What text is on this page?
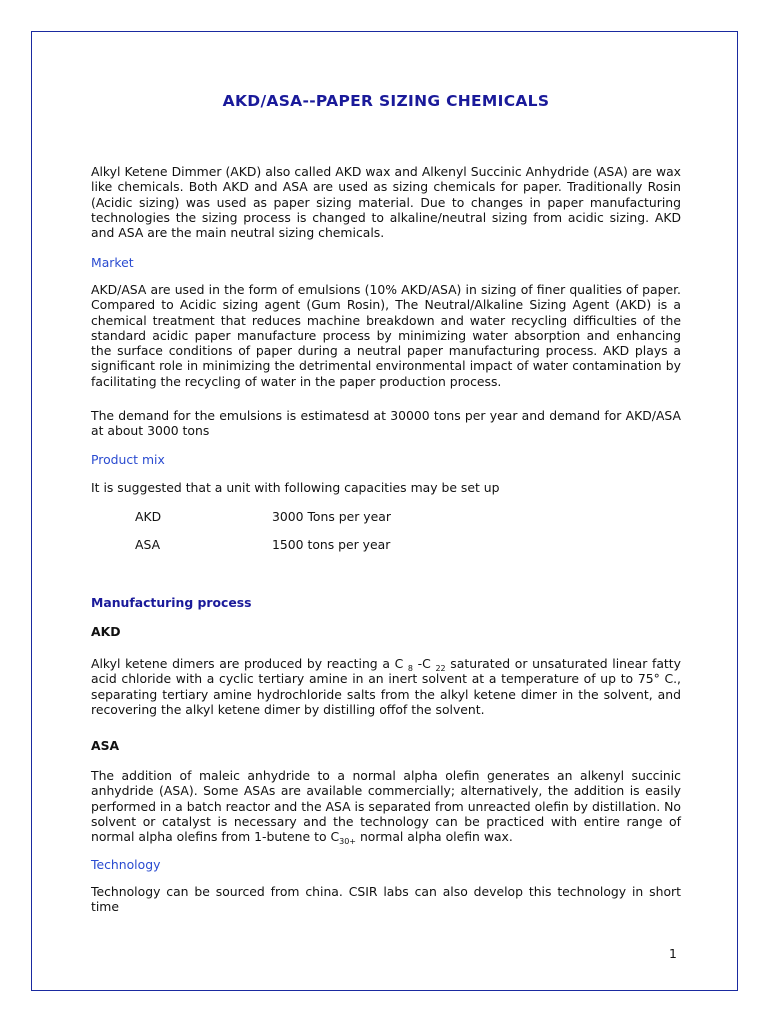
AKD/ASA--PAPER SIZING CHEMICALS

Alkyl Ketene Dimmer (AKD) also called AKD wax and Alkenyl Succinic Anhydride (ASA) are wax like chemicals. Both AKD and ASA are used as sizing chemicals for paper. Traditionally Rosin (Acidic sizing) was used as paper sizing material. Due to changes in paper manufacturing technologies the sizing process is changed to alkaline/neutral sizing from acidic sizing. AKD and ASA are the main neutral sizing chemicals.

Market

AKD/ASA are used in the form of emulsions (10% AKD/ASA) in sizing of finer qualities of paper. Compared to Acidic sizing agent (Gum Rosin), The Neutral/Alkaline Sizing Agent (AKD) is a chemical treatment that reduces machine breakdown and water recycling difficulties of the standard acidic paper manufacture process by minimizing water absorption and enhancing the surface conditions of paper during a neutral paper manufacturing process. AKD plays a significant role in minimizing the detrimental environmental impact of water contamination by facilitating the recycling of water in the paper production process.

The demand for the emulsions is estimatesd at 30000 tons per year and demand for AKD/ASA at about 3000 tons

Product mix

It is suggested that a unit with following capacities may be set up

AKD	3000 Tons per year
ASA	1500 tons per year
Manufacturing process
AKD

Alkyl ketene dimers are produced by reacting a C $_8$ -C $_{22}$ saturated or unsaturated linear fatty acid chloride with a cyclic tertiary amine in an inert solvent at a temperature of up to 75° C., separating tertiary amine hydrochloride salts from the alkyl ketene dimer in the solvent, and recovering the alkyl ketene dimer by distilling offof the solvent.

ASA

The addition of maleic anhydride to a normal alpha olefin generates an alkenyl succinic anhydride (ASA). Some ASAs are available commercially; alternatively, the addition is easily performed in a batch reactor and the ASA is separated from unreacted olefin by distillation. No solvent or catalyst is necessary and the technology can be practiced with entire range of normal alpha olefins from 1-butene to $C_{30+}$ normal alpha olefin wax.

Technology

Technology can be sourced from china. CSIR labs can also develop this technology in short time

1
